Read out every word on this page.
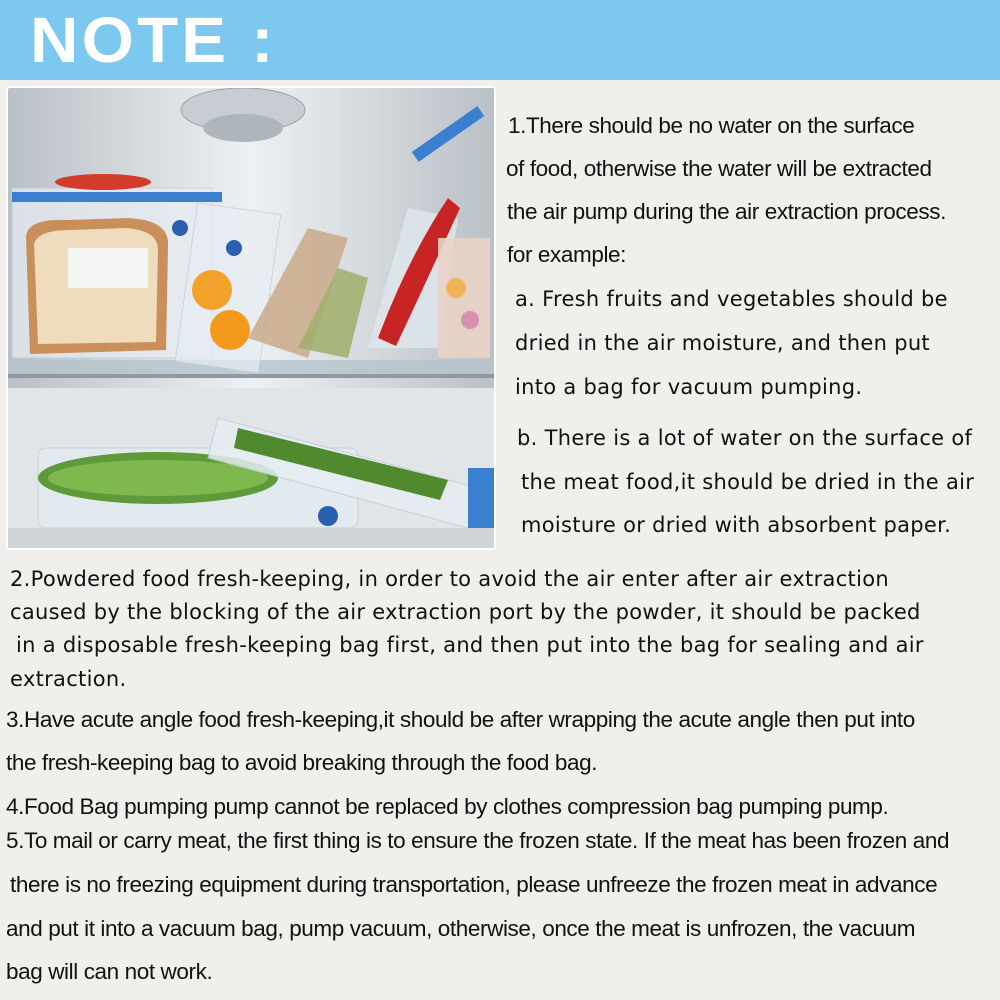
NOTE :
1.There should be no water on the surface
of food, otherwise the water will be extracted
the air pump during the air extraction process.
for example:
a. Fresh fruits and vegetables should be
dried in the air moisture, and then put
into a bag for vacuum pumping.
b. There is a lot of water on the surface of
the meat food,it should be dried in the air
moisture or dried with absorbent paper.
2.Powdered food fresh-keeping, in order to avoid the air enter after air extraction
caused by the blocking of the air extraction port by the powder, it should be packed
in a disposable fresh-keeping bag first, and then put into the bag for sealing and air
extraction.
3.Have acute angle food fresh-keeping,it should be after wrapping the acute angle then put into
the fresh-keeping bag to avoid breaking through the food bag.
4.Food Bag pumping pump cannot be replaced by clothes compression bag pumping pump.
5.To mail or carry meat, the first thing is to ensure the frozen state. If the meat has been frozen and
there is no freezing equipment during transportation, please unfreeze the frozen meat in advance
and put it into a vacuum bag, pump vacuum, otherwise, once the meat is unfrozen, the vacuum
bag will can not work.
